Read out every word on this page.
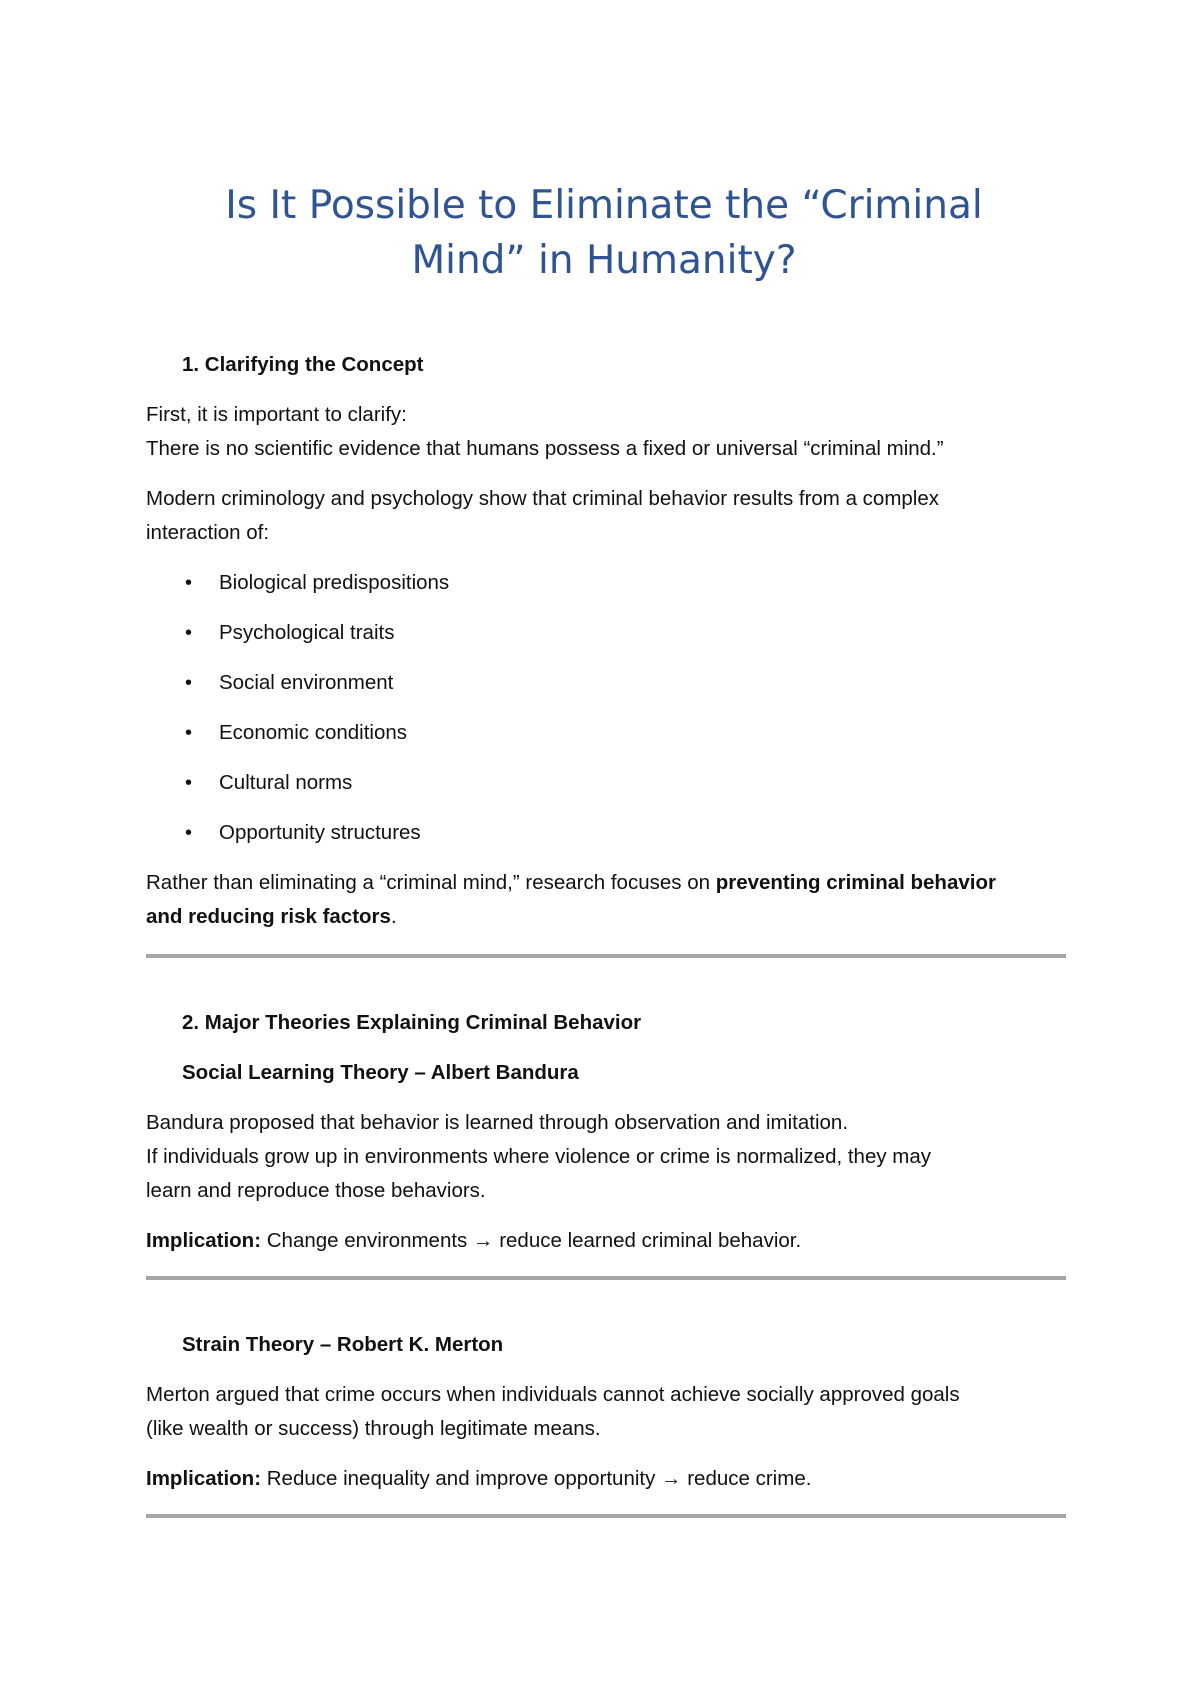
Is It Possible to Eliminate the “Criminal
Mind” in Humanity?
1. Clarifying the Concept

First, it is important to clarify:
There is no scientific evidence that humans possess a fixed or universal “criminal mind.”

Modern criminology and psychology show that criminal behavior results from a complex
interaction of:

• Biological predispositions
• Psychological traits
• Social environment
• Economic conditions
• Cultural norms
• Opportunity structures

Rather than eliminating a “criminal mind,” research focuses on preventing criminal behavior
and reducing risk factors.

2. Major Theories Explaining Criminal Behavior
Social Learning Theory – Albert Bandura

Bandura proposed that behavior is learned through observation and imitation.
If individuals grow up in environments where violence or crime is normalized, they may
learn and reproduce those behaviors.

Implication: Change environments → reduce learned criminal behavior.

Strain Theory – Robert K. Merton

Merton argued that crime occurs when individuals cannot achieve socially approved goals
(like wealth or success) through legitimate means.

Implication: Reduce inequality and improve opportunity → reduce crime.
